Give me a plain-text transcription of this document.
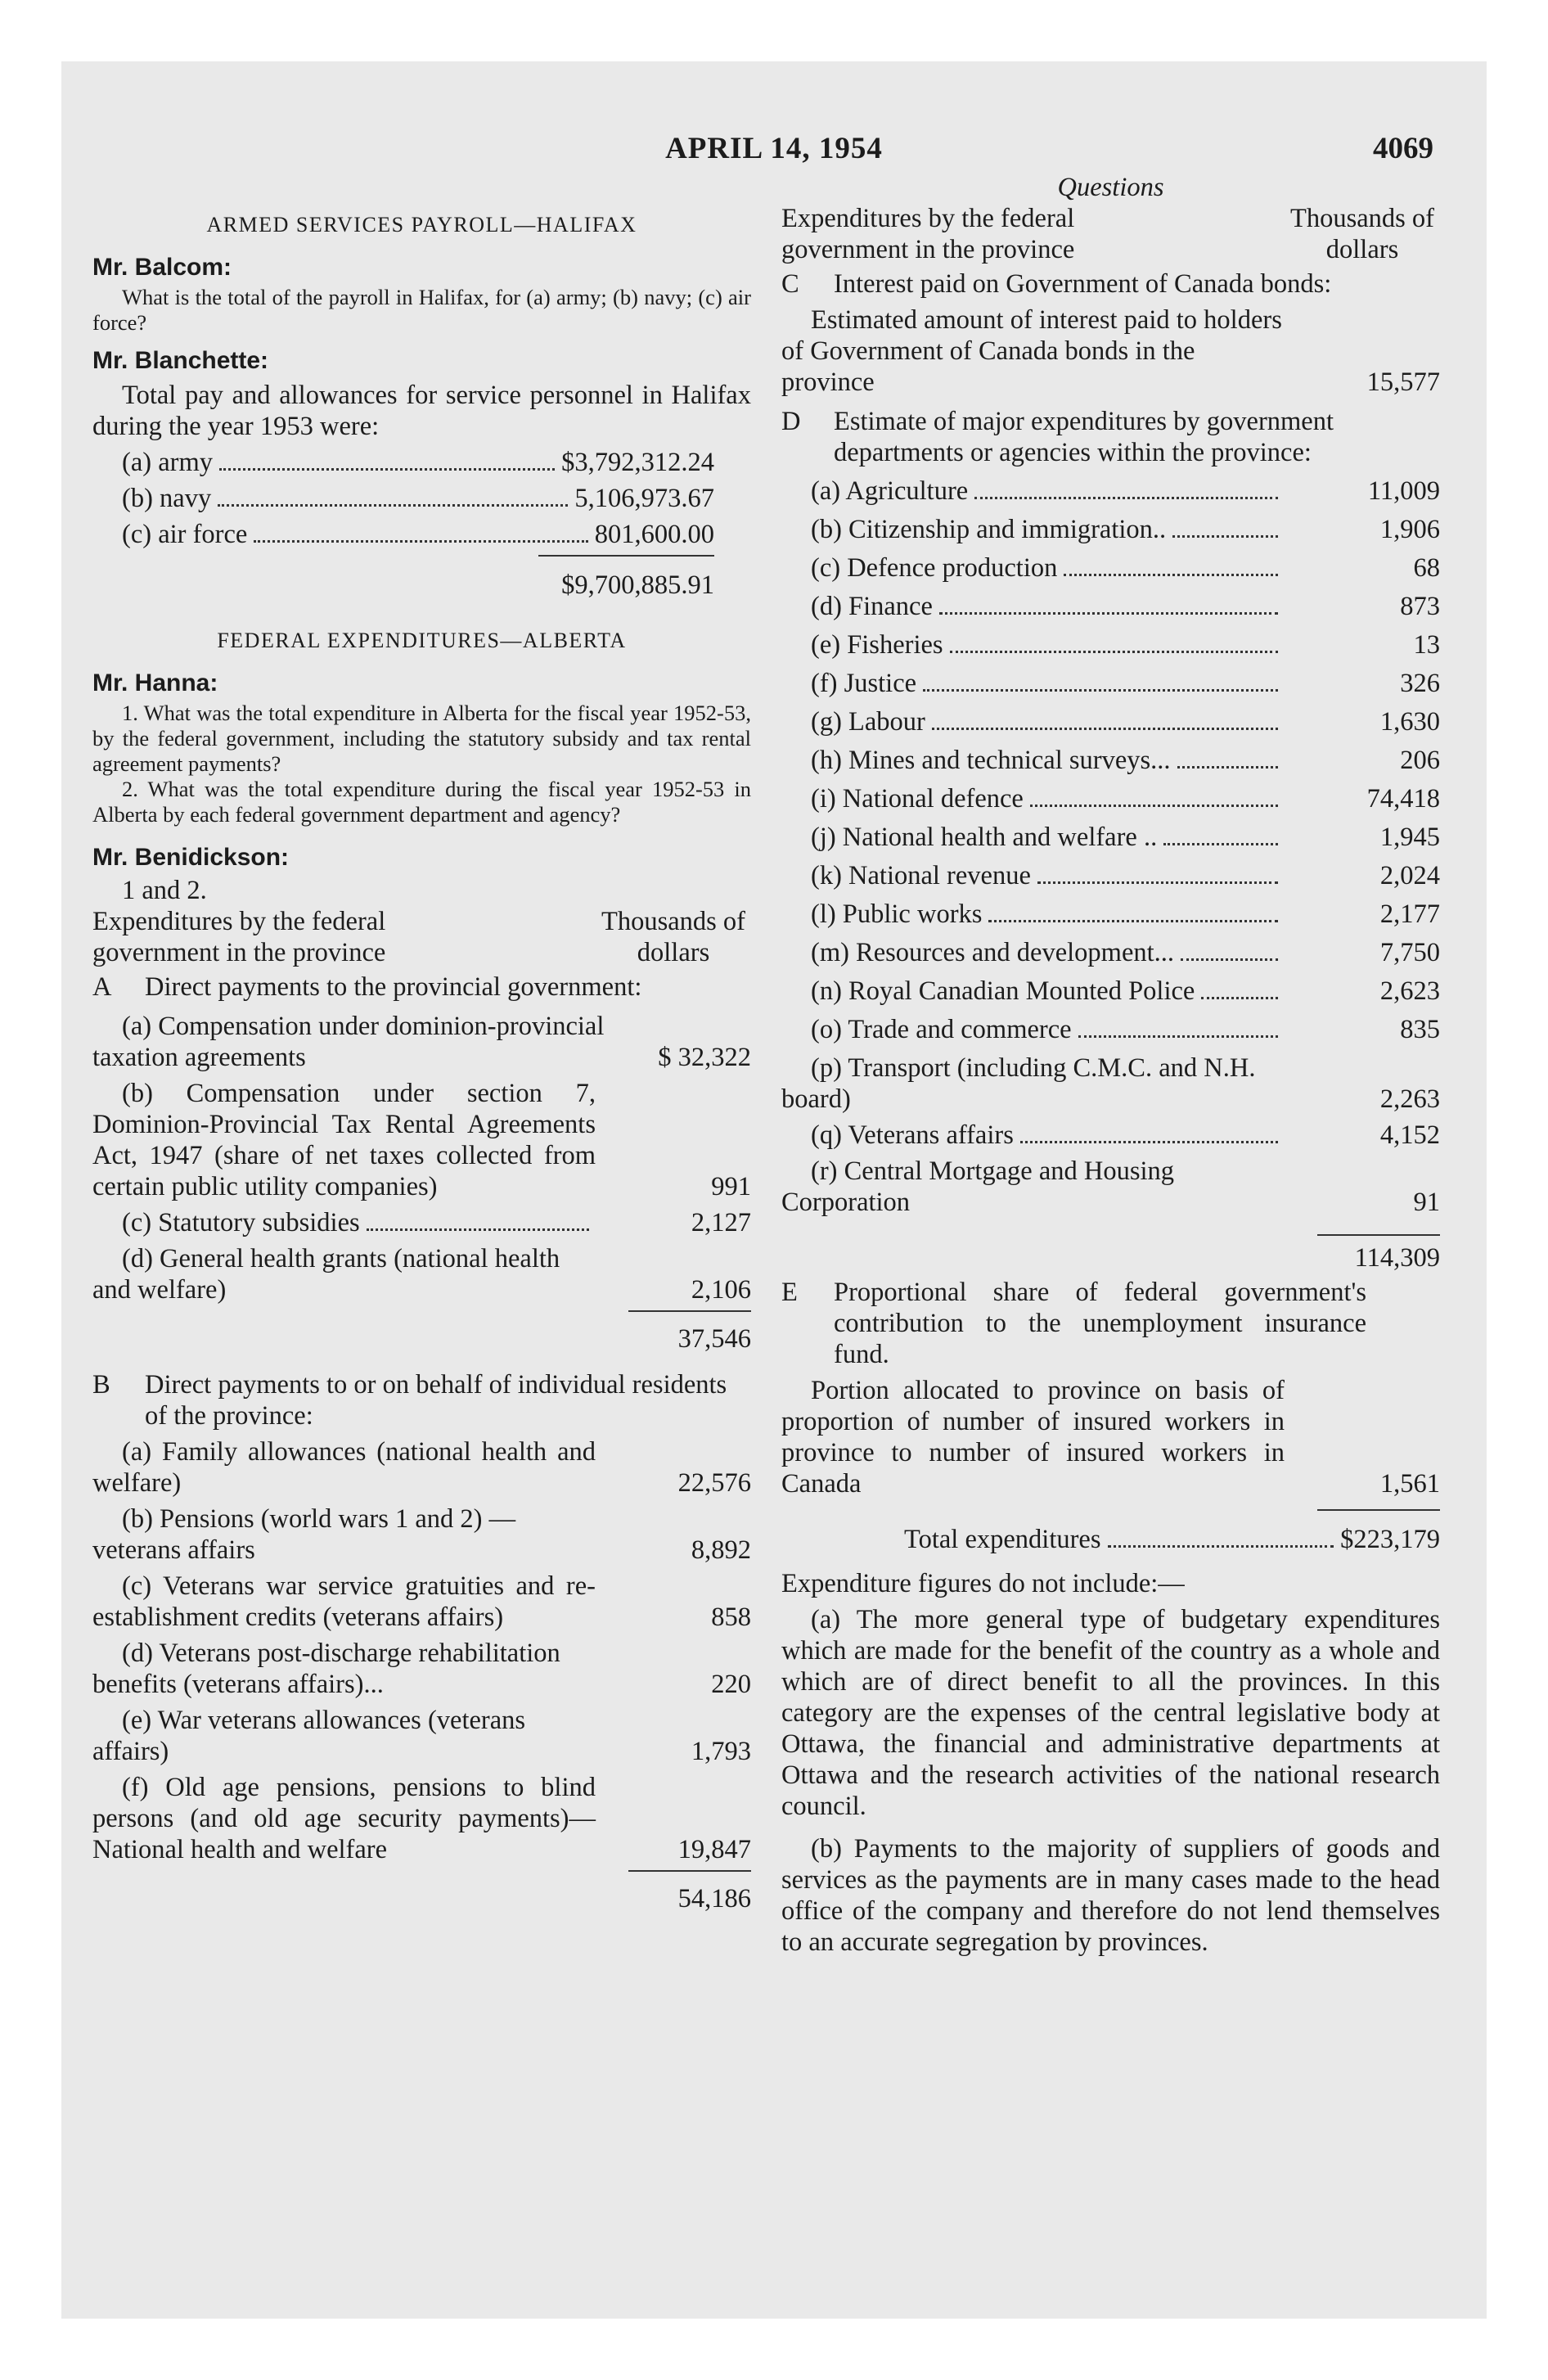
APRIL 14, 1954	4069
ARMED SERVICES PAYROLL—HALIFAX
Mr. Balcom:
What is the total of the payroll in Halifax, for (a) army; (b) navy; (c) air force?
Mr. Blanchette:
Total pay and allowances for service personnel in Halifax during the year 1953 were:
(a) army	$3,792,312.24
(b) navy	5,106,973.67
(c) air force	801,600.00
$9,700,885.91
FEDERAL EXPENDITURES—ALBERTA
Mr. Hanna:
1. What was the total expenditure in Alberta for the fiscal year 1952-53, by the federal government, including the statutory subsidy and tax rental agreement payments?
2. What was the total expenditure during the fiscal year 1952-53 in Alberta by each federal government department and agency?
Mr. Benidickson:
1 and 2.
Expenditures by the federal government in the province
Thousands of dollars
A	Direct payments to the provincial government:
(a) Compensation under dominion-provincial taxation agreements	$ 32,322
(b) Compensation under section 7, Dominion-Provincial Tax Rental Agreements Act, 1947 (share of net taxes collected from certain public utility companies)	991
(c) Statutory subsidies	2,127
(d) General health grants (national health and welfare)	2,106
37,546
B	Direct payments to or on behalf of individual residents of the province:
(a) Family allowances (national health and welfare)	22,576
(b) Pensions (world wars 1 and 2) —veterans affairs	8,892
(c) Veterans war service gratuities and re-establishment credits (veterans affairs)	858
(d) Veterans post-discharge rehabilitation benefits (veterans affairs)...	220
(e) War veterans allowances (veterans affairs)	1,793
(f) Old age pensions, pensions to blind persons (and old age security payments)—National health and welfare	19,847
54,186
Questions
Expenditures by the federal government in the province
Thousands of dollars
C	Interest paid on Government of Canada bonds:
Estimated amount of interest paid to holders of Government of Canada bonds in the province	15,577
D	Estimate of major expenditures by government departments or agencies within the province:
(a) Agriculture	11,009
(b) Citizenship and immigration..	1,906
(c) Defence production	68
(d) Finance	873
(e) Fisheries	13
(f) Justice	326
(g) Labour	1,630
(h) Mines and technical surveys...	206
(i) National defence	74,418
(j) National health and welfare ..	1,945
(k) National revenue	2,024
(l) Public works	2,177
(m) Resources and development...	7,750
(n) Royal Canadian Mounted Police	2,623
(o) Trade and commerce	835
(p) Transport (including C.M.C. and N.H. board)	2,263
(q) Veterans affairs	4,152
(r) Central Mortgage and Housing Corporation	91
114,309
E	Proportional share of federal government's contribution to the unemployment insurance fund.
Portion allocated to province on basis of proportion of number of insured workers in province to number of insured workers in Canada	1,561
Total expenditures	$223,179
Expenditure figures do not include:—
(a) The more general type of budgetary expenditures which are made for the benefit of the country as a whole and which are of direct benefit to all the provinces. In this category are the expenses of the central legislative body at Ottawa, the financial and administrative departments at Ottawa and the research activities of the national research council.
(b) Payments to the majority of suppliers of goods and services as the payments are in many cases made to the head office of the company and therefore do not lend themselves to an accurate segregation by provinces.
